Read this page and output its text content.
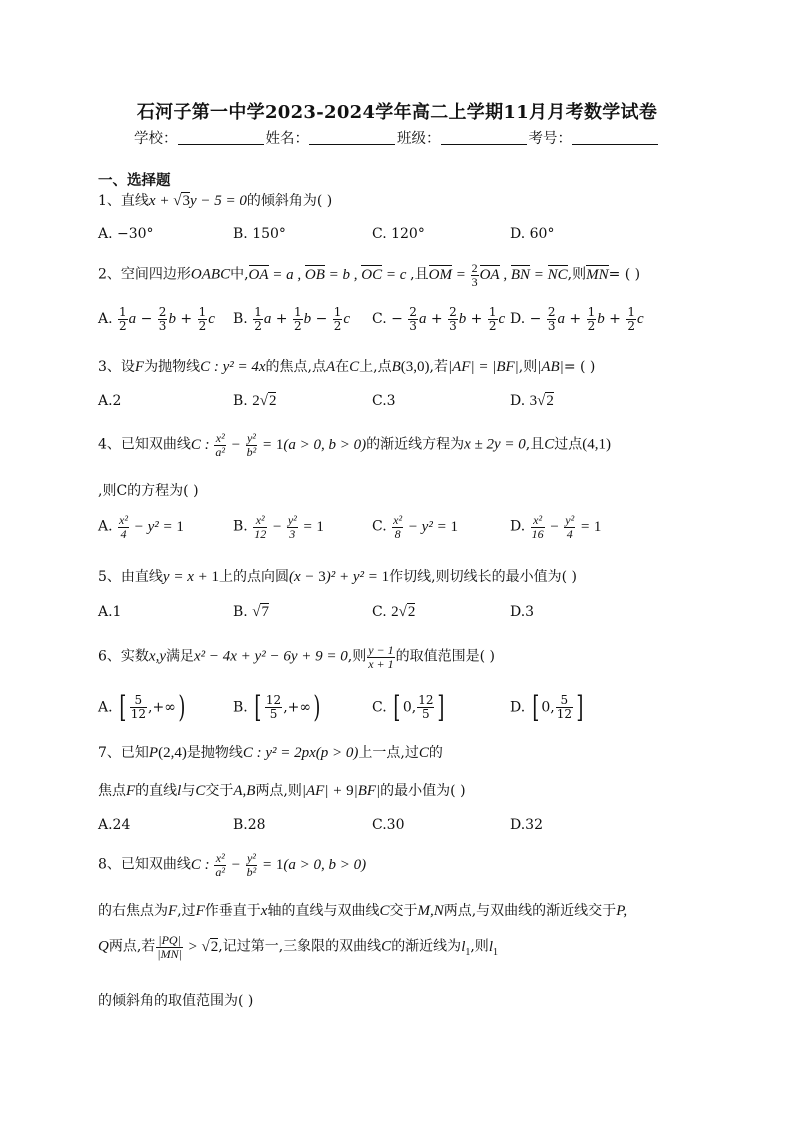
石河子第一中学2023-2024学年高二上学期11月月考数学试卷
学校：	姓名：	班级：	考号：
一、选择题
1、直线x + √3y − 5 = 0的倾斜角为( )
A. −30°	B. 150°	C. 120°	D. 60°
2、空间四边形OABC中,OA = a , OB = b , OC = c ,且OM = $\frac{2}{3}$ OA , BN = NC,则MN= ( )
A. $\frac{1}{2}$ $a - \frac{2}{3}$ $b + \frac{1}{2}$ c B. $\frac{1}{2}$ $a + \frac{1}{2}$ $b - \frac{1}{2}$ c C. − $\frac{2}{3}$ $a + \frac{2}{3}$ $b + \frac{1}{2}$ c D. − $\frac{2}{3}$ $a + \frac{1}{2}$ $b + \frac{1}{2}$ c
3、设F为抛物线C : y² = 4x的焦点,点A在C上,点B(3,0),若|AF| = |BF|,则|AB|= ( )
A.2	B. 2√2	C.3	D. 3√2
4、已知双曲线C : $\frac{\text{x²}}{\text{a²}} - \frac{\text{y²}}{\text{b²}} = 1(a > 0$, b > 0)的渐近线方程为x ± 2y = 0,且C过点(4,1)
,则C的方程为( )
A. $\frac{\text{x²}}{4} - y^2 = 1$	B. $\frac{\text{x²}}{12} - \frac{\text{y²}}{3} = 1$	C. $\frac{\text{x²}}{8} - y^2 = 1$	D. $\frac{\text{x²}}{16} - \frac{\text{y²}}{4} = 1$
5、由直线y = x + 1上的点向圆(x − 3)² + y² = 1作切线,则切线长的最小值为( )
A.1	B. √7	C. 2√2	D.3
6、实数x,y满足x² − 4x + y² − 6y + 9 = 0,则 $\frac{y - 1}{x + 1}$ 的取值范围是( )
A. [ $\frac{5}{12}$ ,+∞)	B. [ $\frac{12}{5}$ ,+∞)	C. [ 0, $\frac{12}{5}$ ]	D. [ 0, $\frac{5}{12}$ ]
7、已知P(2,4)是抛物线C : y² = 2px(p > 0)上一点,过C的
焦点F的直线l与C交于A,B两点,则|AF| + 9|BF|的最小值为( )
A.24	B.28	C.30	D.32
8、已知双曲线C : $\frac{\text{x²}}{\text{a²}} - \frac{\text{y²}}{\text{b²}} = 1(a > 0$, b > 0)
的右焦点为F,过F作垂直于x轴的直线与双曲线C交于M,N两点,与双曲线的渐近线交于P,
Q两点,若 $\frac{|PQ|}{|MN|} > √2$,记过第一,三象限的双曲线C的渐近线为$l_1$,则$l_1$
的倾斜角的取值范围为( )
